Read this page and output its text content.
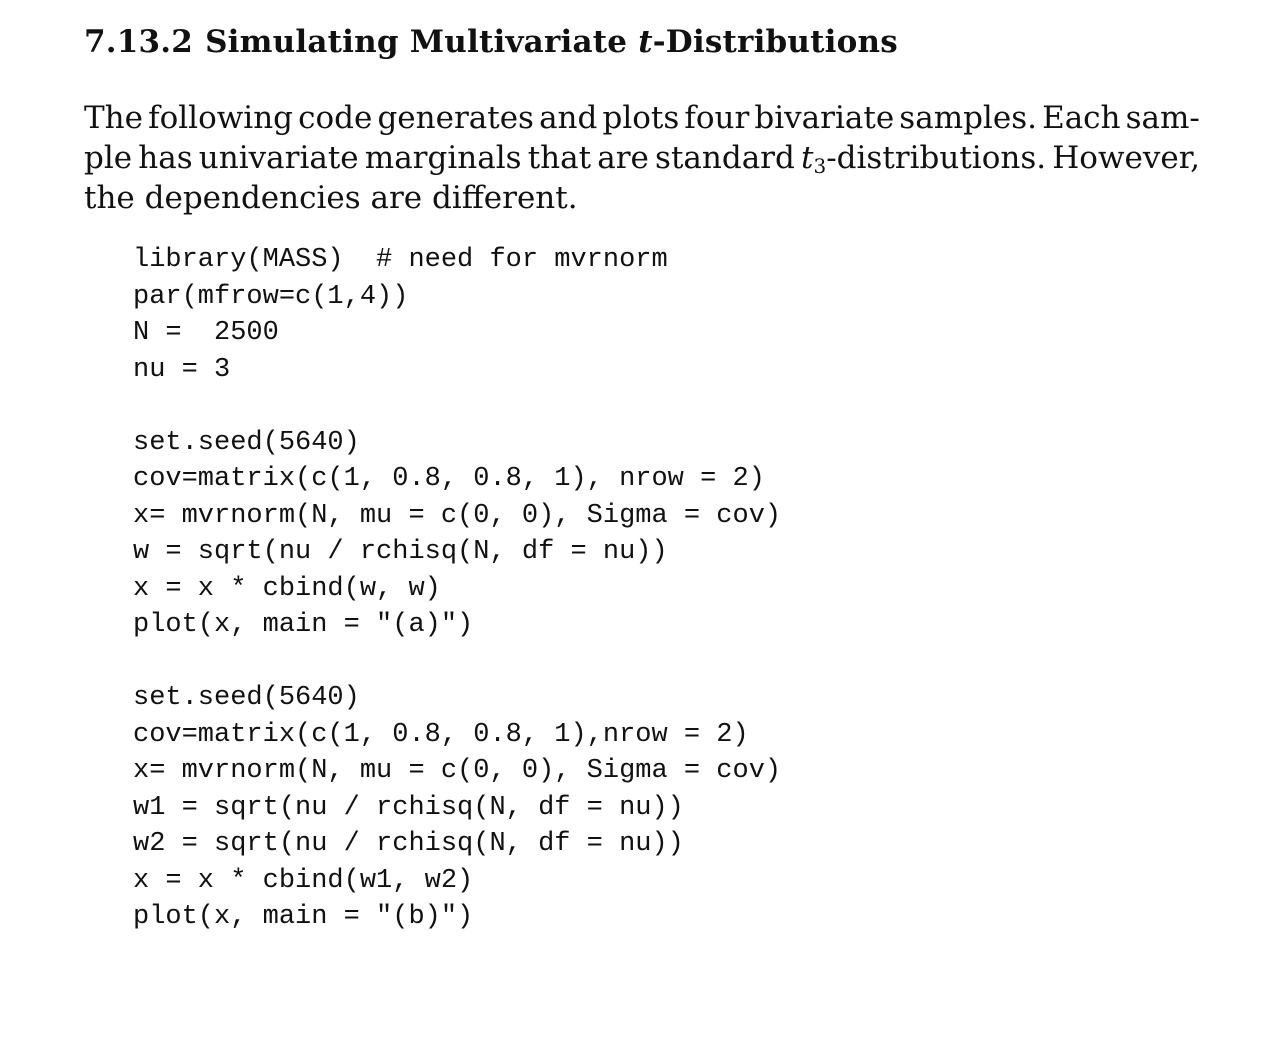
7.13.2 Simulating Multivariate t-Distributions
The following code generates and plots four bivariate samples. Each sam-
ple has univariate marginals that are standard $t_3$-distributions. However,
the dependencies are different.
library(MASS)  # need for mvrnorm
par(mfrow=c(1,4))
N =  2500
nu = 3
set.seed(5640)
cov=matrix(c(1, 0.8, 0.8, 1), nrow = 2)
x= mvrnorm(N, mu = c(0, 0), Sigma = cov)
w = sqrt(nu / rchisq(N, df = nu))
x = x * cbind(w, w)
plot(x, main = "(a)")
set.seed(5640)
cov=matrix(c(1, 0.8, 0.8, 1),nrow = 2)
x= mvrnorm(N, mu = c(0, 0), Sigma = cov)
w1 = sqrt(nu / rchisq(N, df = nu))
w2 = sqrt(nu / rchisq(N, df = nu))
x = x * cbind(w1, w2)
plot(x, main = "(b)")
